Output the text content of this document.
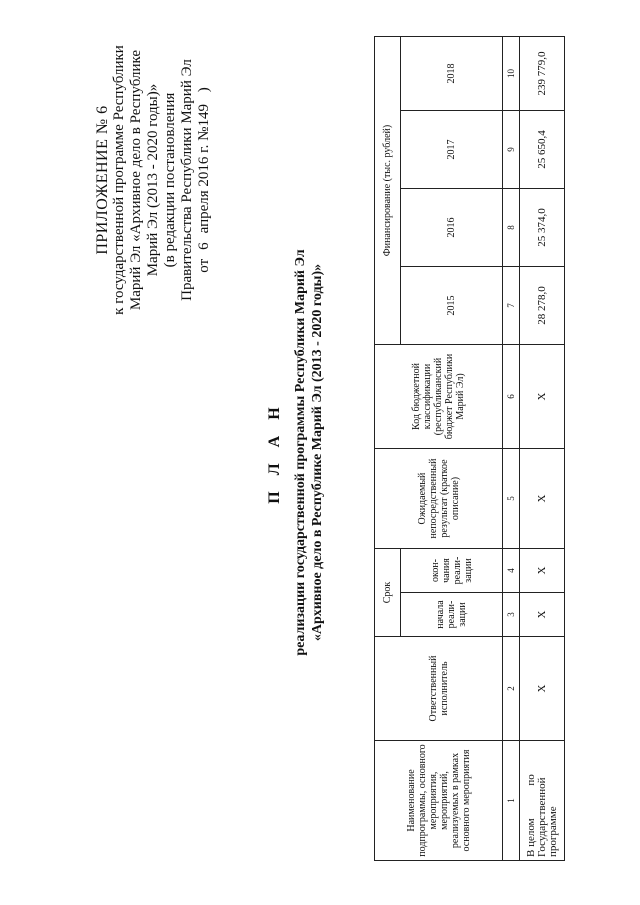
ПРИЛОЖЕНИЕ № 6 к государственной программе Республики Марий Эл «Архивное дело в Республике Марий Эл (2013 - 2020 годы)» (в редакции постановления Правительства Республики Марий Эл от 6 апреля 2016 г. №149 )
П Л А Н реализации государственной программы Республики Марий Эл «Архивное дело в Республике Марий Эл (2013 - 2020 годы)»
Наименование подпрограммы, основного мероприятия, мероприятий, реализуемых в рамках основного мероприятия	Ответственный исполнитель	Срок		Ожидаемый непосредственный результат (краткое описание)	Код бюджетной классификации (республиканский бюджет Республики Марий Эл)	Финансирование (тыс. рублей)			
		начала реали-зации	окон-чания реали-зации			2015	2016	2017	2018
1	2	3	4	5	6	7	8	9	10
В целом по
Государственной программе	Х	Х	Х	Х	Х	28 278,0	25 374,0	25 650,4	239 779,0
